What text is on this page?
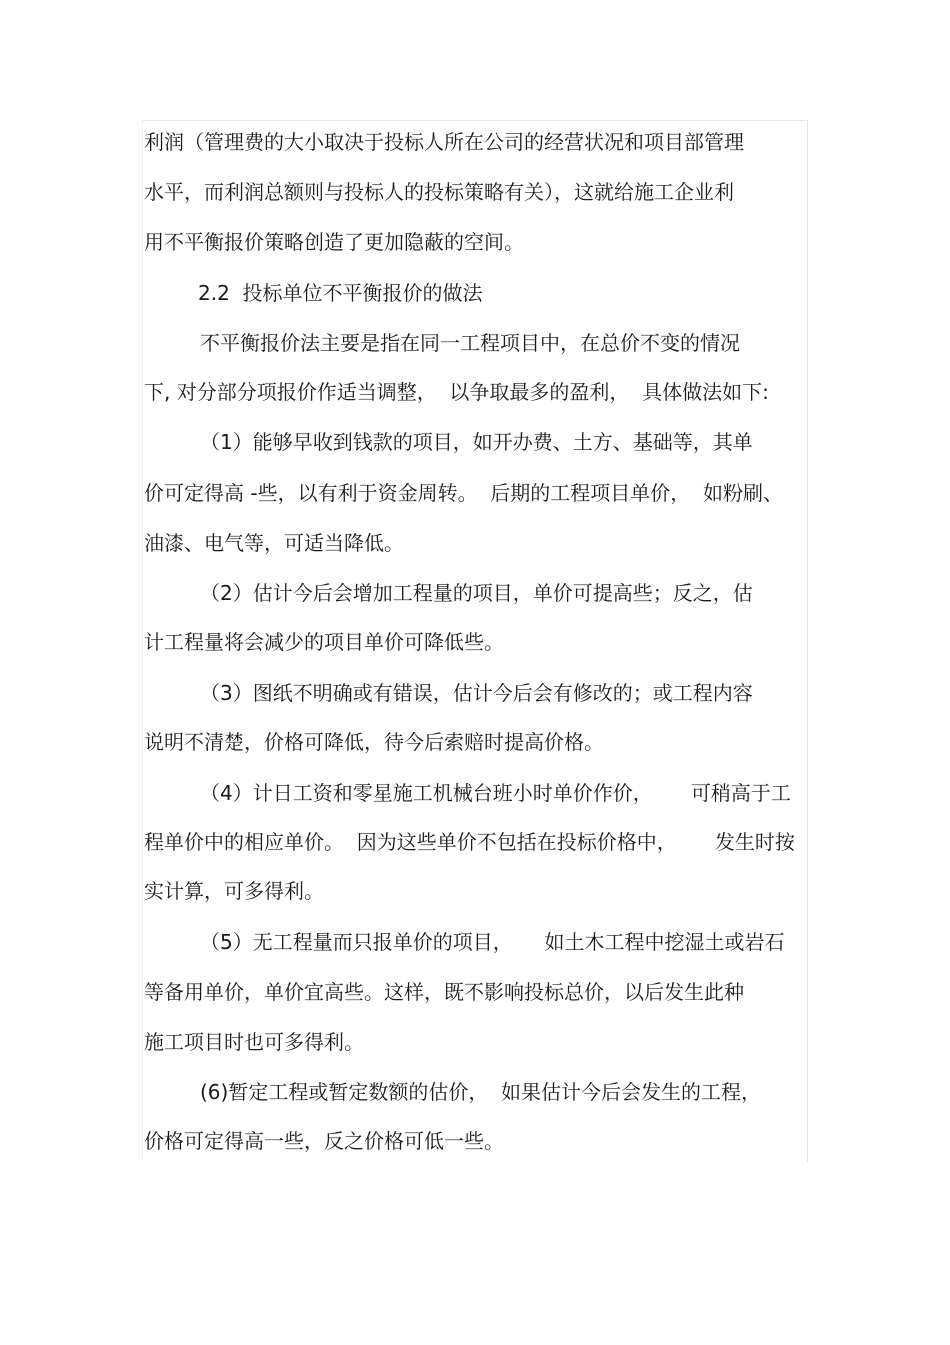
利润（管理费的大小取决于投标人所在公司的经营状况和项目部管理
水平，而利润总额则与投标人的投标策略有关），这就给施工企业利
用不平衡报价策略创造了更加隐蔽的空间。
2.2  投标单位不平衡报价的做法
不平衡报价法主要是指在同一工程项目中，在总价不变的情况
下, 对分部分项报价作适当调整，  以争取最多的盈利，  具体做法如下:
（1）能够早收到钱款的项目，如开办费、土方、基础等，其单
价可定得高 -些，以有利于资金周转。  后期的工程项目单价，  如粉刷、
油漆、电气等，可适当降低。
（2）估计今后会增加工程量的项目，单价可提高些；反之，估
计工程量将会减少的项目单价可降低些。
（3）图纸不明确或有错误，估计今后会有修改的；或工程内容
说明不清楚，价格可降低，待今后索赔时提高价格。
（4）计日工资和零星施工机械台班小时单价作价，      可稍高于工
程单价中的相应单价。  因为这些单价不包括在投标价格中，      发生时按
实计算，可多得利。
（5）无工程量而只报单价的项目，     如土木工程中挖湿土或岩石
等备用单价，单价宜高些。这样，既不影响投标总价，以后发生此种
施工项目时也可多得利。
(6)暂定工程或暂定数额的估价，  如果估计今后会发生的工程，
价格可定得高一些，反之价格可低一些。
